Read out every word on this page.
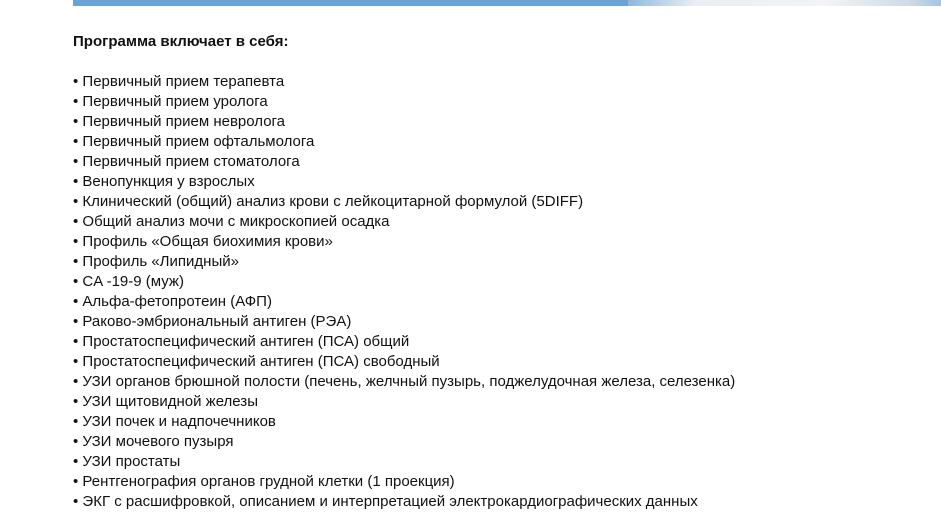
Программа включает в себя:
• Первичный прием терапевта
• Первичный прием уролога
• Первичный прием невролога
• Первичный прием офтальмолога
• Первичный прием стоматолога
• Венопункция у взрослых
• Клинический (общий) анализ крови с лейкоцитарной формулой (5DIFF)
• Общий анализ мочи с микроскопией осадка
• Профиль «Общая биохимия крови»
• Профиль «Липидный»
• CA -19-9 (муж)
• Альфа-фетопротеин (АФП)
• Раково-эмбриональный антиген (РЭА)
• Простатоспецифический антиген (ПСА) общий
• Простатоспецифический антиген (ПСА) свободный
• УЗИ органов брюшной полости (печень, желчный пузырь, поджелудочная железа, селезенка)
• УЗИ щитовидной железы
• УЗИ почек и надпочечников
• УЗИ мочевого пузыря
• УЗИ простаты
• Рентгенография органов грудной клетки (1 проекция)
• ЭКГ с расшифровкой, описанием и интерпретацией электрокардиографических данных
